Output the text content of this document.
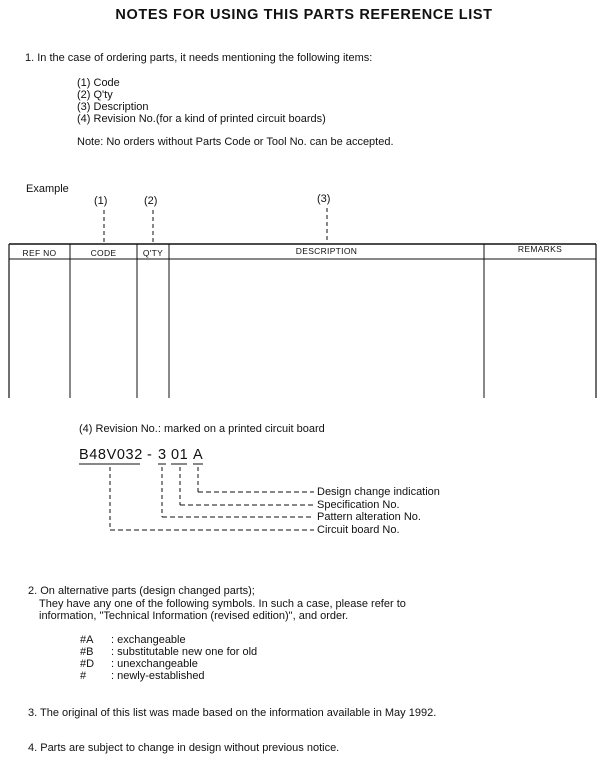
NOTES FOR USING THIS PARTS REFERENCE LIST
1. In the case of ordering parts, it needs mentioning the following items:
(1) Code
(2) Q'ty
(3) Description
(4) Revision No.(for a kind of printed circuit boards)
Note: No orders without Parts Code or Tool No. can be accepted.
Example
(1)	(2)	(3)
REF NO	CODE	Q'TY	DESCRIPTION	REMARKS
(4) Revision No.: marked on a printed circuit board
B48V032 - 3 01 A
Design change indication
Specification No.
Pattern alteration No.
Circuit board No.
2. On alternative parts (design changed parts);
They have any one of the following symbols. In such a case, please refer to
information, "Technical Information (revised edition)", and order.
#A : exchangeable
#B : substitutable new one for old
#D : unexchangeable
# : newly-established
3. The original of this list was made based on the information available in May 1992.
4. Parts are subject to change in design without previous notice.
